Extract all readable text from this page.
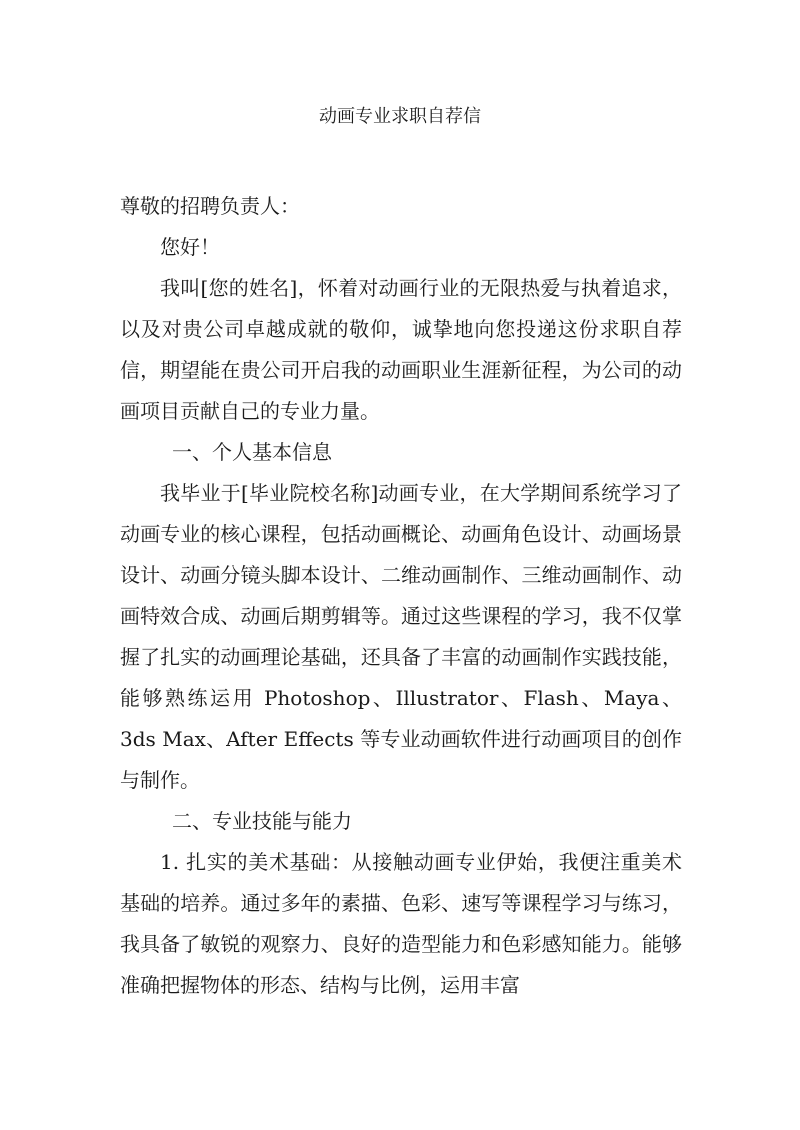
动画专业求职自荐信

尊敬的招聘负责人：

您好！

我叫[您的姓名]，怀着对动画行业的无限热爱与执着追求，以及对贵公司卓越成就的敬仰，诚挚地向您投递这份求职自荐信，期望能在贵公司开启我的动画职业生涯新征程，为公司的动画项目贡献自己的专业力量。

一、个人基本信息

我毕业于[毕业院校名称]动画专业，在大学期间系统学习了动画专业的核心课程，包括动画概论、动画角色设计、动画场景设计、动画分镜头脚本设计、二维动画制作、三维动画制作、动画特效合成、动画后期剪辑等。通过这些课程的学习，我不仅掌握了扎实的动画理论基础，还具备了丰富的动画制作实践技能，能够熟练运用 Photoshop、Illustrator、Flash、Maya、3ds Max、After Effects 等专业动画软件进行动画项目的创作与制作。

二、专业技能与能力

1. 扎实的美术基础：从接触动画专业伊始，我便注重美术基础的培养。通过多年的素描、色彩、速写等课程学习与练习，我具备了敏锐的观察力、良好的造型能力和色彩感知能力。能够准确把握物体的形态、结构与比例，运用丰富
